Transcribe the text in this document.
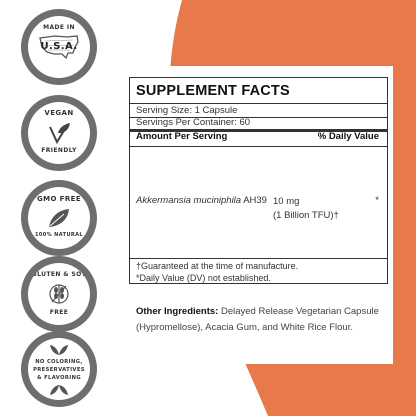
MADE IN
U.S.A.
VEGAN
FRIENDLY
GMO FREE
100% NATURAL
GLUTEN & SOY
FREE
NO COLORING,
PRESERVATIVES
& FLAVORING
SUPPLEMENT FACTS
Serving Size: 1 Capsule
Servings Per Container: 60
Amount Per Serving	% Daily Value
Akkermansia muciniphila AH39 10 mg
(1 Billion TFU)†
*
†Guaranteed at the time of manufacture.
*Daily Value (DV) not established.
Other Ingredients: Delayed Release Vegetarian Capsule (Hypromellose), Acacia Gum, and White Rice Flour.
